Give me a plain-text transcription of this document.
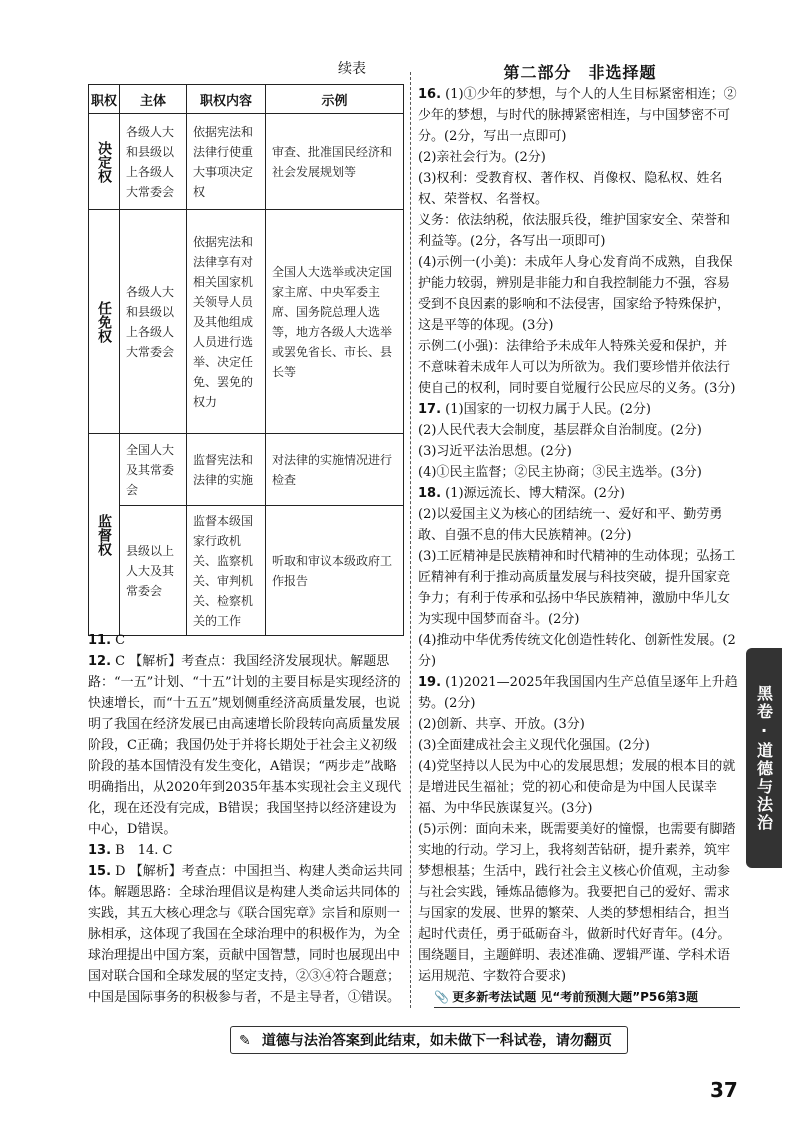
续表
职权	主体	职权内容	示例
决定权	各级人大和县级以上各级人大常委会	依据宪法和法律行使重大事项决定权	审查、批准国民经济和社会发展规划等
任免权	各级人大和县级以上各级人大常委会	依据宪法和法律享有对相关国家机关领导人员及其他组成人员进行选举、决定任免、罢免的权力	全国人大选举或决定国家主席、中央军委主席、国务院总理人选等，地方各级人大选举或罢免省长、市长、县长等
监督权	全国人大及其常委会	监督宪法和法律的实施	对法律的实施情况进行检查
	县级以上人大及其常委会	监督本级国家行政机关、监察机关、审判机关、检察机关的工作	听取和审议本级政府工作报告

11. C

12. C 【解析】考查点：我国经济发展现状。解题思路：“一五”计划、“十五”计划的主要目标是实现经济的快速增长，而“十五五”规划侧重经济高质量发展，也说明了我国在经济发展已由高速增长阶段转向高质量发展阶段，C正确；我国仍处于并将长期处于社会主义初级阶段的基本国情没有发生变化，A错误；“两步走”战略明确指出，从2020年到2035年基本实现社会主义现代化，现在还没有完成，B错误；我国坚持以经济建设为中心，D错误。

13. B　14. C

15. D 【解析】考查点：中国担当、构建人类命运共同体。解题思路：全球治理倡议是构建人类命运共同体的实践，其五大核心理念与《联合国宪章》宗旨和原则一脉相承，这体现了我国在全球治理中的积极作为，为全球治理提出中国方案，贡献中国智慧，同时也展现出中国对联合国和全球发展的坚定支持，②③④符合题意；中国是国际事务的积极参与者，不是主导者，①错误。

第二部分　非选择题

16. (1)①少年的梦想，与个人的人生目标紧密相连；②少年的梦想，与时代的脉搏紧密相连，与中国梦密不可分。(2分，写出一点即可)

(2)亲社会行为。(2分)

(3)权利：受教育权、著作权、肖像权、隐私权、姓名权、荣誉权、名誉权。

义务：依法纳税，依法服兵役，维护国家安全、荣誉和利益等。(2分，各写出一项即可)

(4)示例一(小美)：未成年人身心发育尚不成熟，自我保护能力较弱，辨别是非能力和自我控制能力不强，容易受到不良因素的影响和不法侵害，国家给予特殊保护，这是平等的体现。(3分)

示例二(小强)：法律给予未成年人特殊关爱和保护，并不意味着未成年人可以为所欲为。我们要珍惜并依法行使自己的权利，同时要自觉履行公民应尽的义务。(3分)

17. (1)国家的一切权力属于人民。(2分)

(2)人民代表大会制度，基层群众自治制度。(2分)

(3)习近平法治思想。(2分)

(4)①民主监督；②民主协商；③民主选举。(3分)

18. (1)源远流长、博大精深。(2分)

(2)以爱国主义为核心的团结统一、爱好和平、勤劳勇敢、自强不息的伟大民族精神。(2分)

(3)工匠精神是民族精神和时代精神的生动体现；弘扬工匠精神有利于推动高质量发展与科技突破，提升国家竞争力；有利于传承和弘扬中华民族精神，激励中华儿女为实现中国梦而奋斗。(2分)

(4)推动中华优秀传统文化创造性转化、创新性发展。(2分)

19. (1)2021—2025年我国国内生产总值呈逐年上升趋势。(2分)

(2)创新、共享、开放。(3分)

(3)全面建成社会主义现代化强国。(2分)

(4)党坚持以人民为中心的发展思想；发展的根本目的就是增进民生福祉；党的初心和使命是为中国人民谋幸福、为中华民族谋复兴。(3分)

(5)示例：面向未来，既需要美好的憧憬，也需要有脚踏实地的行动。学习上，我将刻苦钻研，提升素养，筑牢梦想根基；生活中，践行社会主义核心价值观，主动参与社会实践，锤炼品德修为。我要把自己的爱好、需求与国家的发展、世界的繁荣、人类的梦想相结合，担当起时代责任，勇于砥砺奋斗，做新时代好青年。(4分。围绕题目，主题鲜明、表述准确、逻辑严谨、学科术语运用规范、字数符合要求)

黑卷·道德与法治
📎 更多新考法试题 见“考前预测大题”P56第3题
✎ 道德与法治答案到此结束，如未做下一科试卷，请勿翻页
37
